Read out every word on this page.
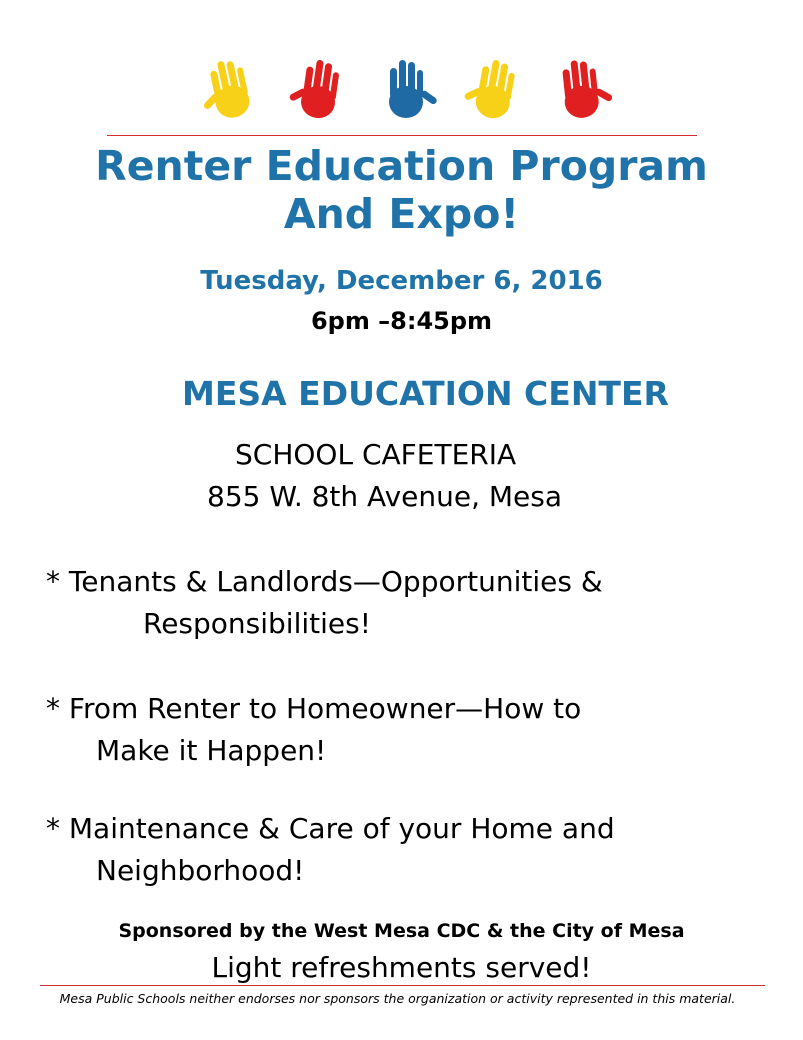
Renter Education Program
And Expo!
Tuesday, December 6, 2016
6pm –8:45pm
MESA EDUCATION CENTER
SCHOOL CAFETERIA
855 W. 8th Avenue, Mesa
* Tenants & Landlords—Opportunities &
Responsibilities!
* From Renter to Homeowner—How to
Make it Happen!
* Maintenance & Care of your Home and
Neighborhood!
Sponsored by the West Mesa CDC & the City of Mesa
Light refreshments served!
Mesa Public Schools neither endorses nor sponsors the organization or activity represented in this material.
